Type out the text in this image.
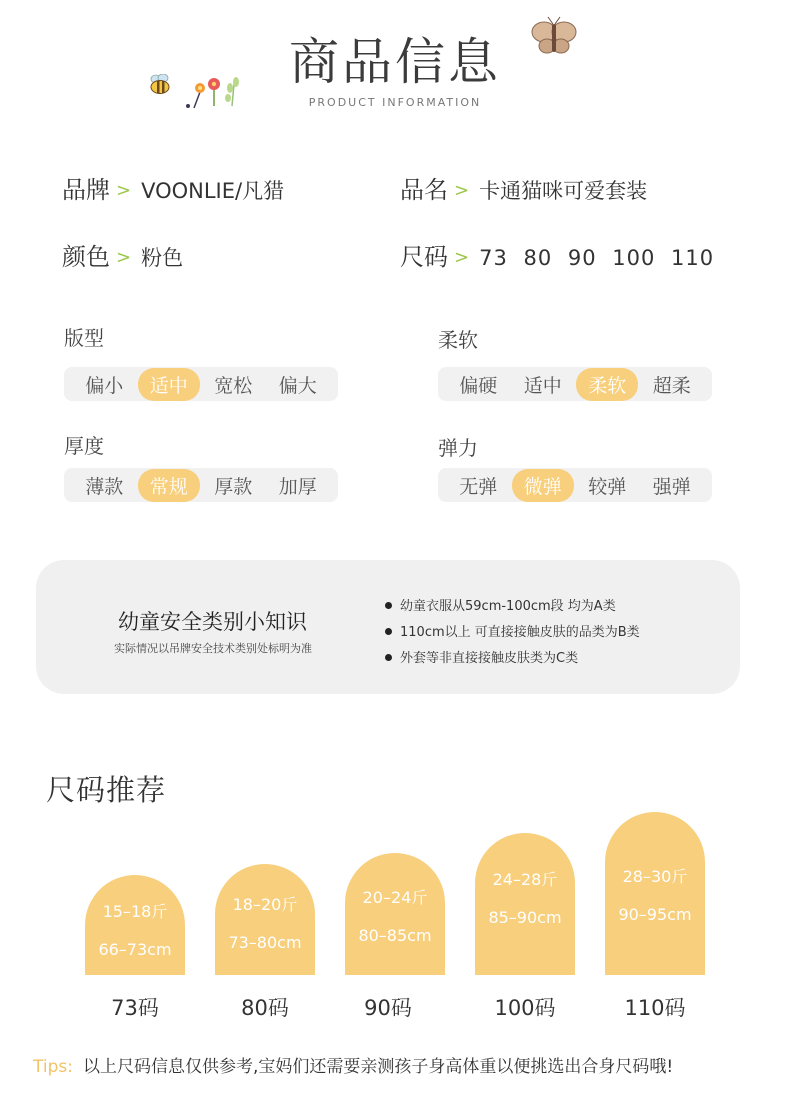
商品信息
PRODUCT INFORMATION
品牌 > VOONLIE/凡猎	品名 > 卡通猫咪可爱套装
颜色 > 粉色	尺码 > 73 80 90 100 110
版型
偏小	适中	宽松	偏大
柔软
偏硬	适中	柔软	超柔
厚度
薄款	常规	厚款	加厚
弹力
无弹	微弹	较弹	强弹
幼童安全类别小知识
实际情况以吊牌安全技术类别处标明为准
幼童衣服从59cm-100cm段 均为A类
110cm以上 可直接接触皮肤的品类为B类
外套等非直接接触皮肤类为C类
尺码推荐
15–18斤
66–73cm
18–20斤
73–80cm
20–24斤
80–85cm
24–28斤
85–90cm
28–30斤
90–95cm
73码	80码	90码	100码	110码
Tips: 以上尺码信息仅供参考,宝妈们还需要亲测孩子身高体重以便挑选出合身尺码哦!
